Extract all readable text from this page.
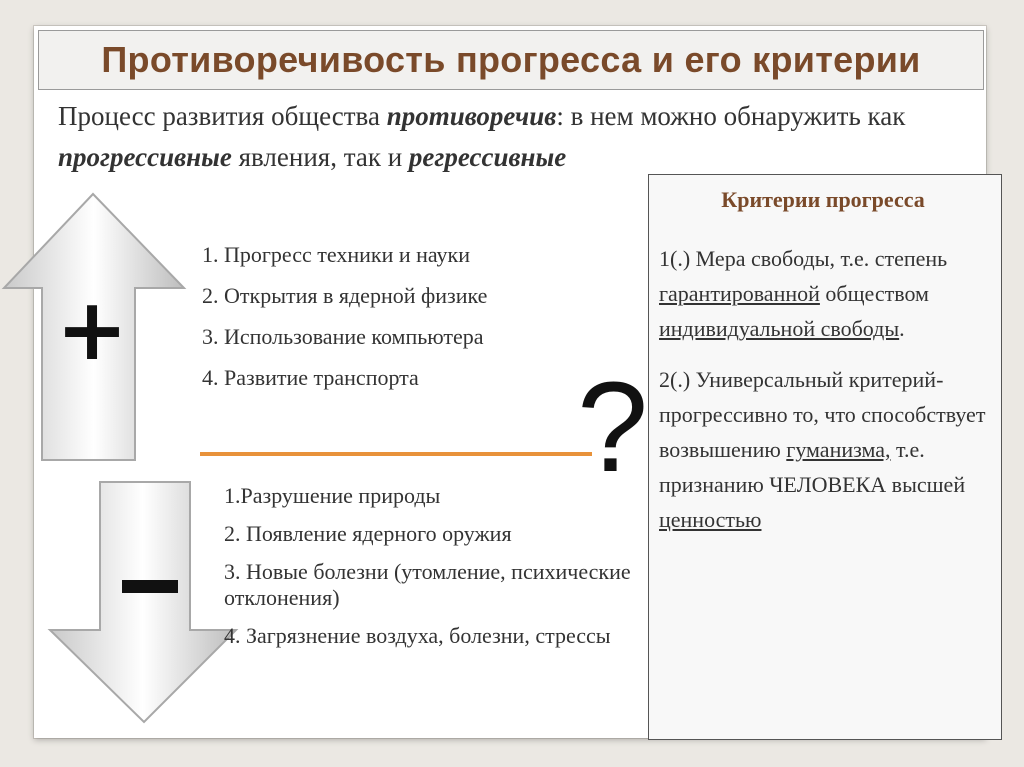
Противоречивость прогресса и его критерии
Процесс развития общества противоречив: в нем можно обнаружить как прогрессивные явления, так и регрессивные
+
1. Прогресс техники и науки
2. Открытия в ядерной физике
3. Использование компьютера
4. Развитие транспорта	?
1.Разрушение природы
2. Появление ядерного оружия
3. Новые болезни (утомление, психические отклонения)
4. Загрязнение воздуха, болезни, стрессы
Критерии прогресса
1(.) Мера свободы, т.е. степень гарантированной обществом индивидуальной свободы.
2(.) Универсальный критерий- прогрессивно то, что способствует возвышению гуманизма, т.е. признанию ЧЕЛОВЕКА высшей ценностью
